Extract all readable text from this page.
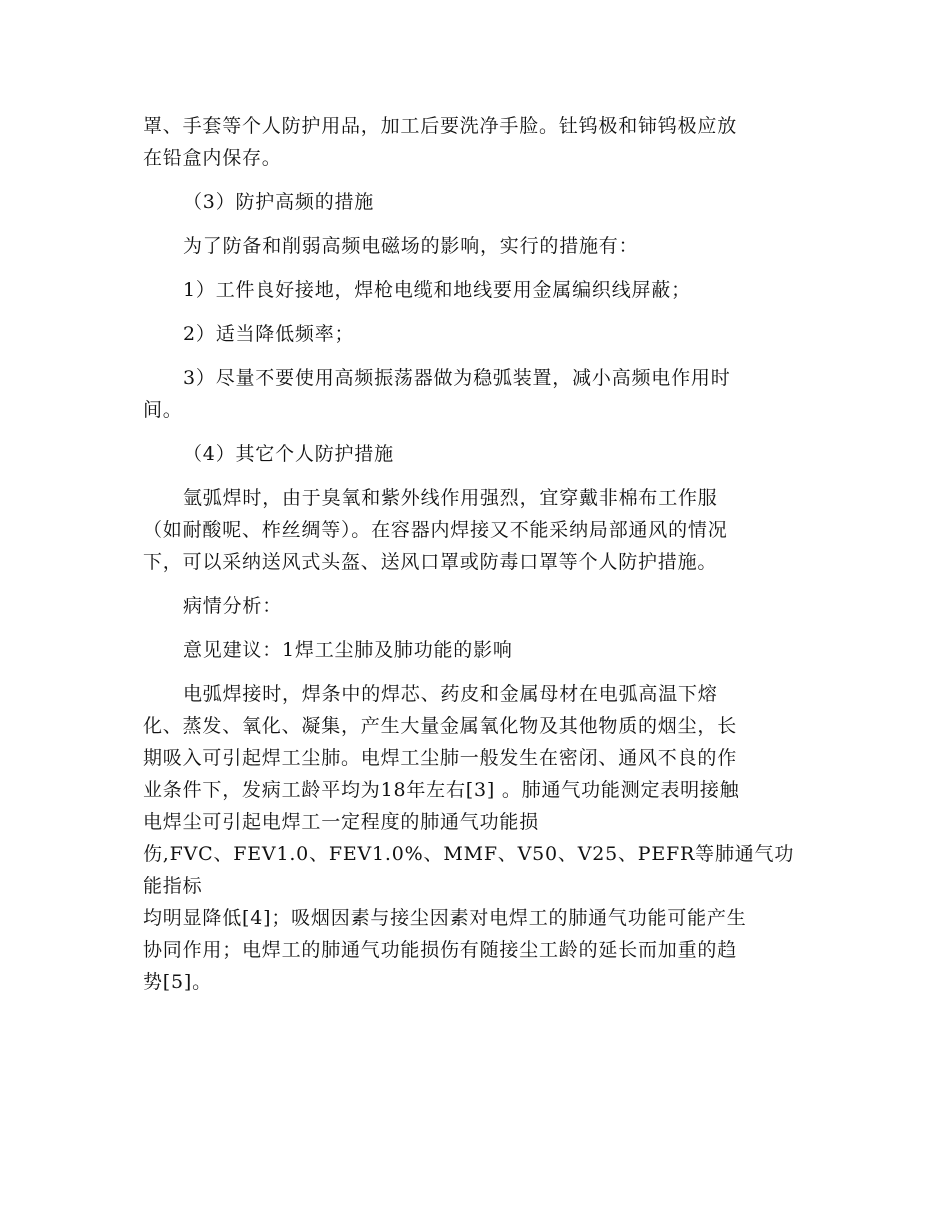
罩、手套等个人防护用品，加工后要洗净手脸。钍钨极和铈钨极应放
在铅盒内保存。
（3）防护高频的措施
为了防备和削弱高频电磁场的影响，实行的措施有：
1）工件良好接地，焊枪电缆和地线要用金属编织线屏蔽；
2）适当降低频率；
3）尽量不要使用高频振荡器做为稳弧装置，减小高频电作用时
间。
（4）其它个人防护措施
氩弧焊时，由于臭氧和紫外线作用强烈，宜穿戴非棉布工作服
（如耐酸呢、柞丝绸等）。在容器内焊接又不能采纳局部通风的情况
下，可以采纳送风式头盔、送风口罩或防毒口罩等个人防护措施。
病情分析：
意见建议：1焊工尘肺及肺功能的影响
电弧焊接时，焊条中的焊芯、药皮和金属母材在电弧高温下熔
化、蒸发、氧化、凝集，产生大量金属氧化物及其他物质的烟尘，长
期吸入可引起焊工尘肺。电焊工尘肺一般发生在密闭、通风不良的作
业条件下，发病工龄平均为18年左右[3] 。肺通气功能测定表明接触
电焊尘可引起电焊工一定程度的肺通气功能损
伤,FVC、FEV1.0、FEV1.0%、MMF、V50、V25、PEFR等肺通气功能指标
均明显降低[4]；吸烟因素与接尘因素对电焊工的肺通气功能可能产生
协同作用；电焊工的肺通气功能损伤有随接尘工龄的延长而加重的趋
势[5]。
